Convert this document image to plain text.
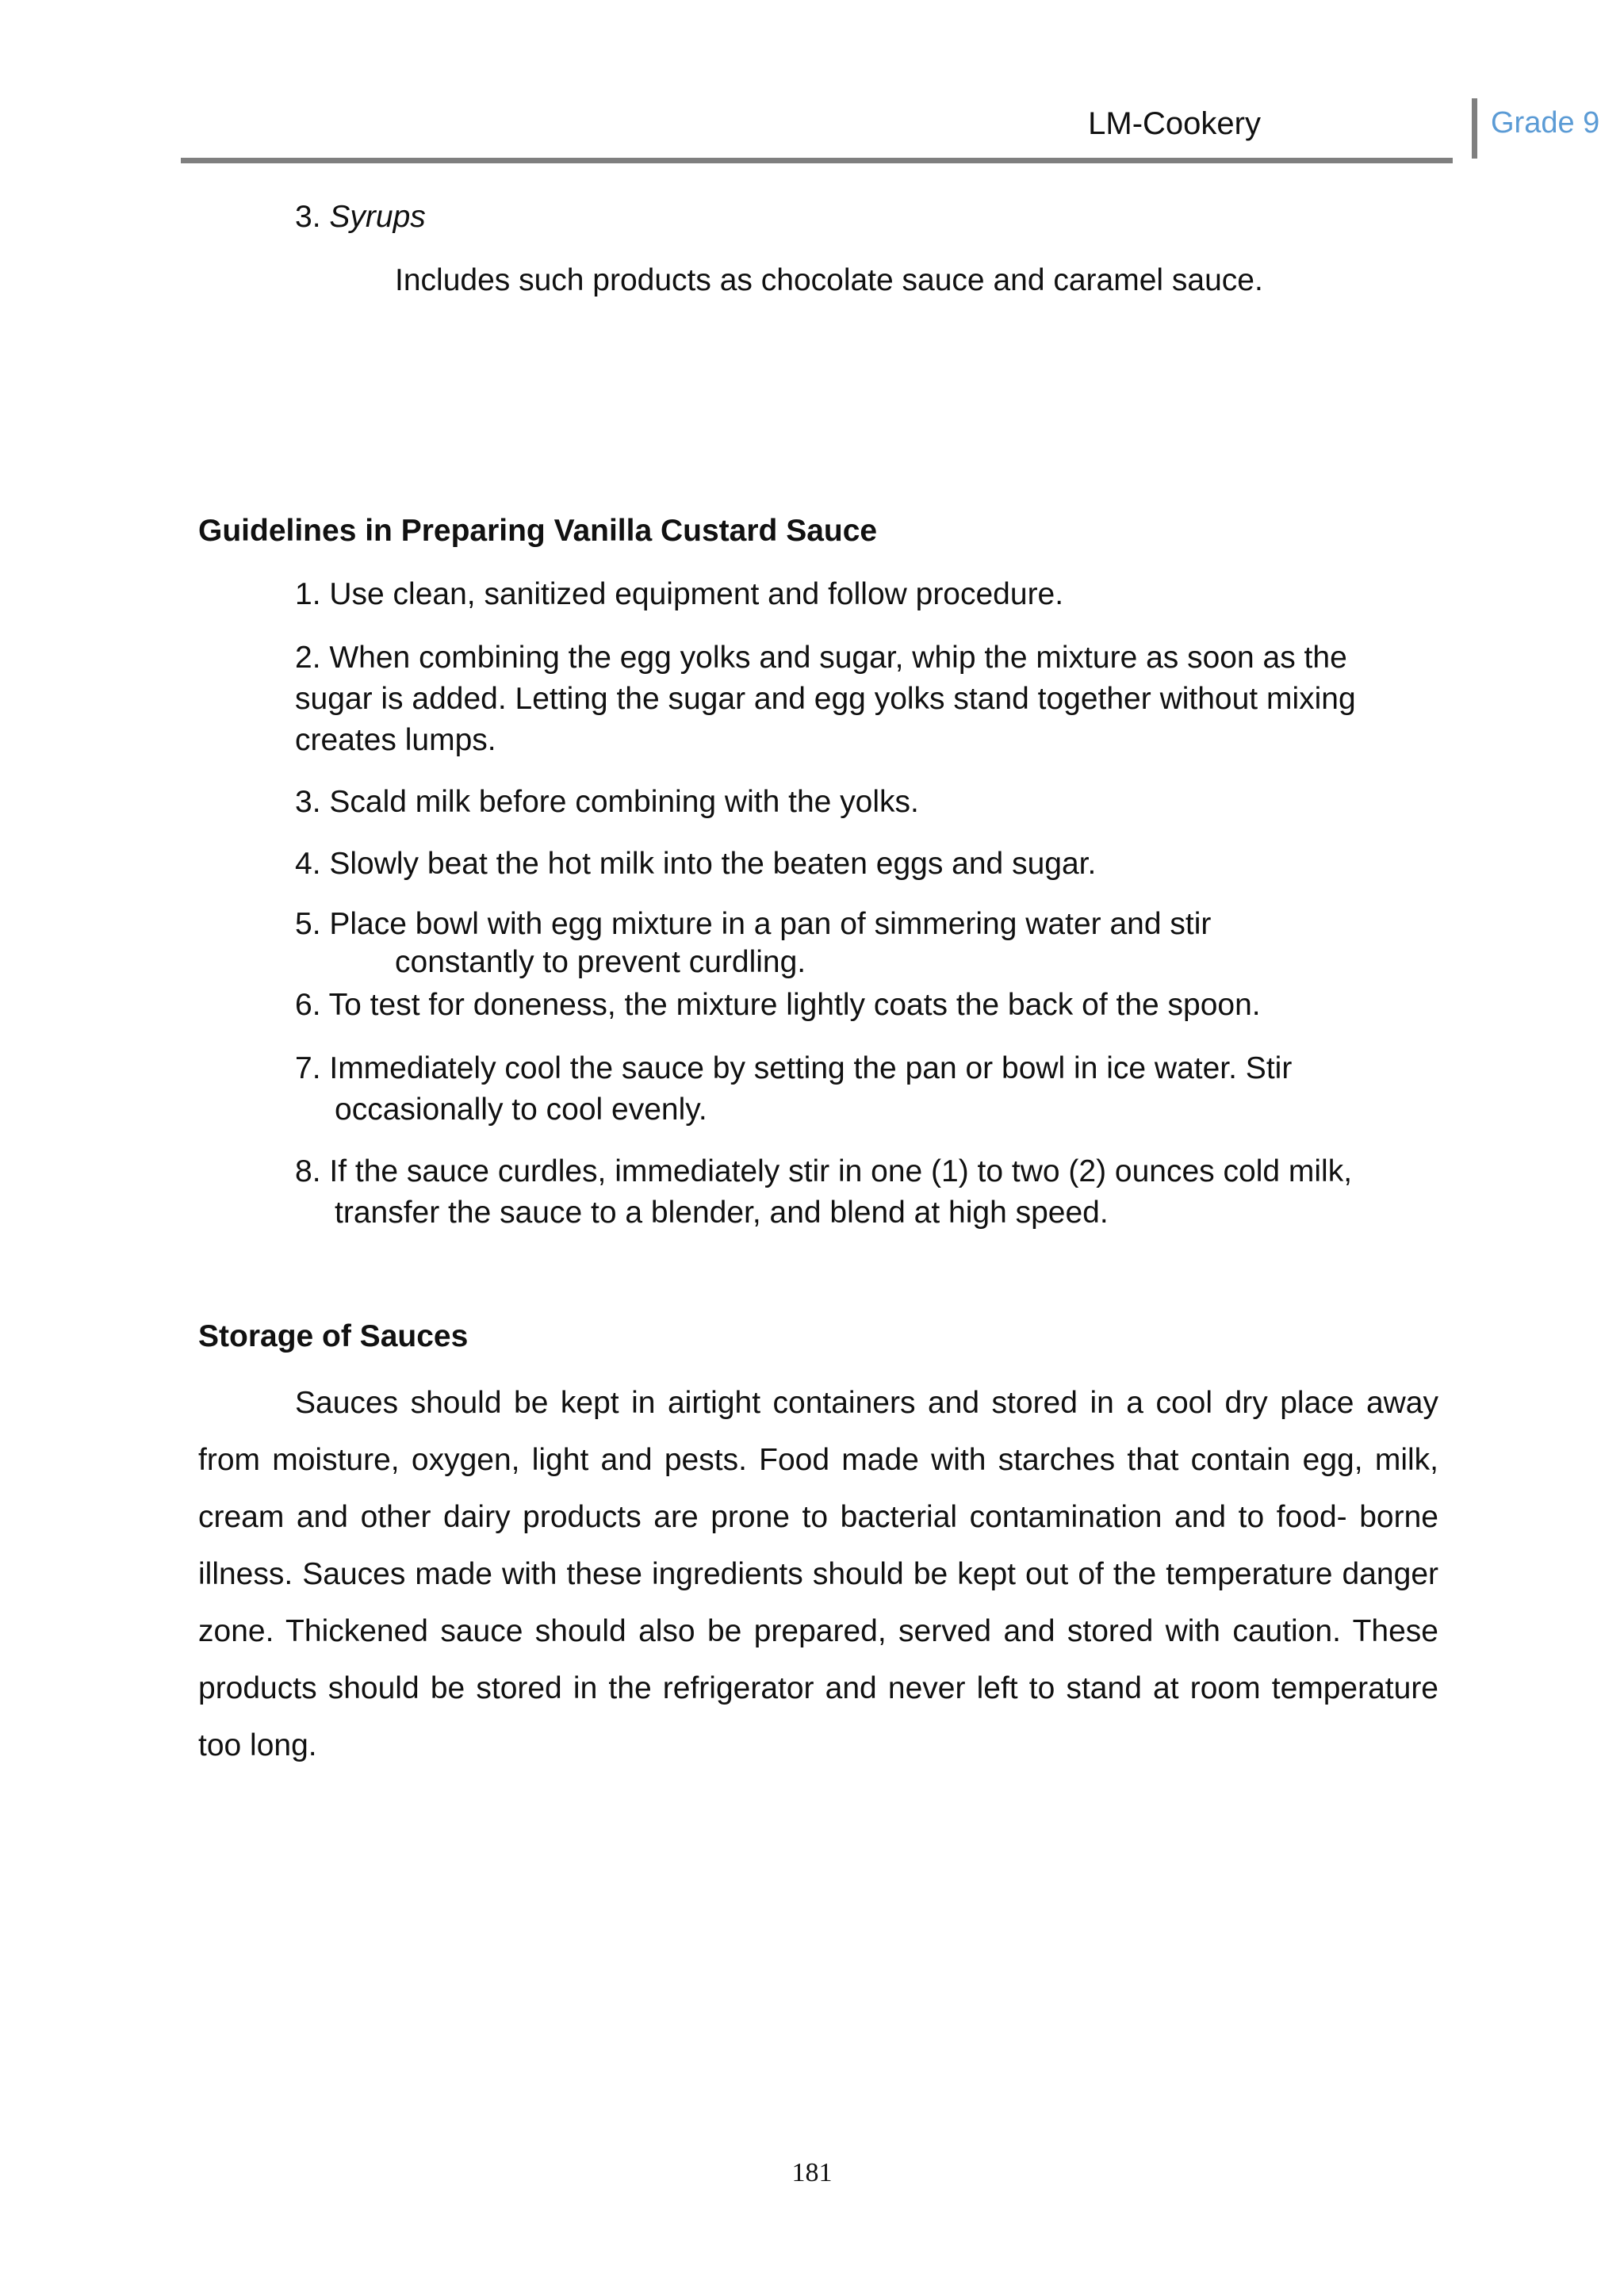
LM-Cookery	Grade 9
3. Syrups
Includes such products as chocolate sauce and caramel sauce.
Guidelines in Preparing Vanilla Custard Sauce
1. Use clean, sanitized equipment and follow procedure.
2. When combining the egg yolks and sugar, whip the mixture as soon as the
sugar is added. Letting the sugar and egg yolks stand together without mixing
creates lumps.
3. Scald milk before combining with the yolks.
4. Slowly beat the hot milk into the beaten eggs and sugar.
5. Place bowl with egg mixture in a pan of simmering water and stir
constantly to prevent curdling.
6. To test for doneness, the mixture lightly coats the back of the spoon.
7. Immediately cool the sauce by setting the pan or bowl in ice water. Stir
occasionally to cool evenly.
8. If the sauce curdles, immediately stir in one (1) to two (2) ounces cold milk,
transfer the sauce to a blender, and blend at high speed.
Storage of Sauces
Sauces should be kept in airtight containers and stored in a cool dry place away from moisture, oxygen, light and pests. Food made with starches that contain egg, milk, cream and other dairy products are prone to bacterial contamination and to food- borne illness. Sauces made with these ingredients should be kept out of the temperature danger zone. Thickened sauce should also be prepared, served and stored with caution. These products should be stored in the refrigerator and never left to stand at room temperature too long.
181
